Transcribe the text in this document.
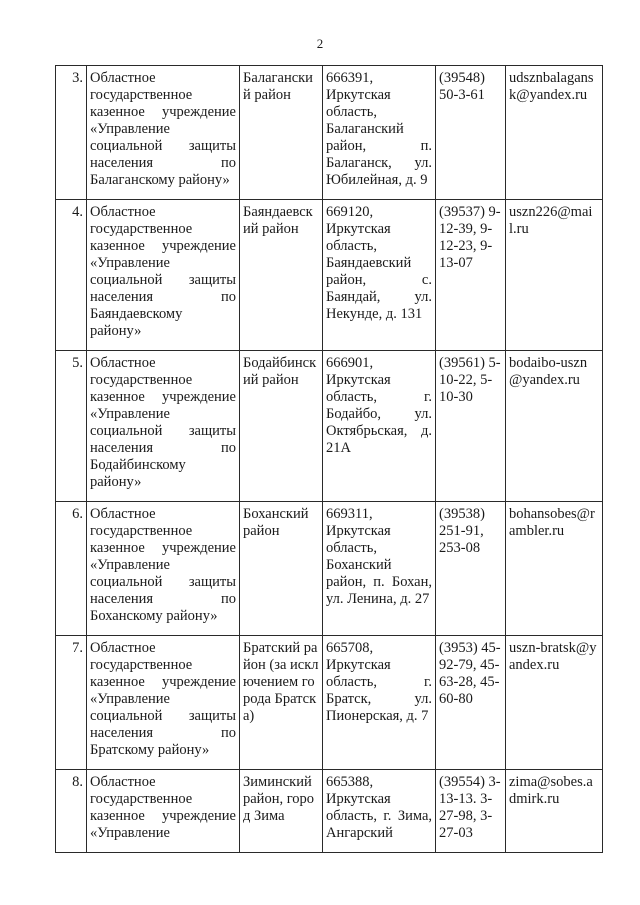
2
3.	Областное государственное казенное учреждение «Управление социальной защиты населения по Балаганскому району»	Балаганский район	666391, Иркутская область, Балаганский район, п. Балаганск, ул. Юбилейная, д. 9	(39548) 50-3-61	udsznbalagansk@yandex.ru
4.	Областное государственное казенное учреждение «Управление социальной защиты населения по Баяндаевскому району»	Баяндаевский район	669120, Иркутская область, Баяндаевский район, с. Баяндай, ул. Некунде, д. 131	(39537) 9-12-39, 9-12-23, 9-13-07	uszn226@mail.ru
5.	Областное государственное казенное учреждение «Управление социальной защиты населения по Бодайбинскому району»	Бодайбинский район	666901, Иркутская область, г. Бодайбо, ул. Октябрьская, д. 21А	(39561) 5-10-22, 5-10-30	bodaibo-uszn@yandex.ru
6.	Областное государственное казенное учреждение «Управление социальной защиты населения по Боханскому району»	Боханский район	669311, Иркутская область, Боханский район, п. Бохан, ул. Ленина, д. 27	(39538) 251-91, 253-08	bohansobes@rambler.ru
7.	Областное государственное казенное учреждение «Управление социальной защиты населения по Братскому району»	Братский район (за исключением города Братска)	665708, Иркутская область, г. Братск, ул. Пионерская, д. 7	(3953) 45-92-79, 45-63-28, 45-60-80	uszn-bratsk@yandex.ru
8.	Областное государственное казенное учреждение «Управление	Зиминский район, город Зима	665388, Иркутская область, г. Зима, Ангарский	(39554) 3-13-13. 3-27-98, 3-27-03	zima@sobes.admirk.ru
